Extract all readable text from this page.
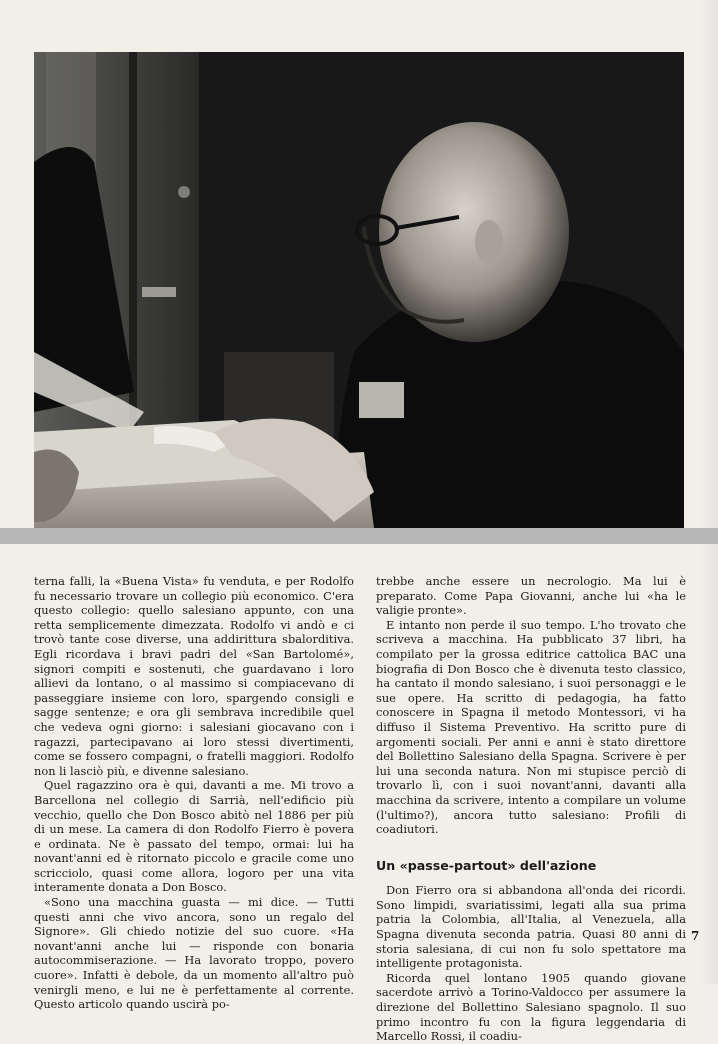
terna falli, la «Buena Vista» fu venduta, e per Rodolfo fu necessario trovare un collegio più economico. C'era questo collegio: quello salesiano appunto, con una retta semplicemente dimezzata. Rodolfo vi andò e ci trovò tante cose diverse, una addirittura sbalorditiva. Egli ricordava i bravi padri del «San Bartolomé», signori compiti e sostenuti, che guardavano i loro allievi da lontano, o al massimo si compiacevano di passeggiare insieme con loro, spargendo consigli e sagge sentenze; e ora gli sembrava incredibile quel che vedeva ogni giorno: i salesiani giocavano con i ragazzi, partecipavano ai loro stessi divertimenti, come se fossero compagni, o fratelli maggiori. Rodolfo non li lasciò più, e divenne salesiano.

Quel ragazzino ora è qui, davanti a me. Mi trovo a Barcellona nel collegio di Sarrià, nell'edificio più vecchio, quello che Don Bosco abitò nel 1886 per più di un mese. La camera di don Rodolfo Fierro è povera e ordinata. Ne è passato del tempo, ormai: lui ha novant'anni ed è ritornato piccolo e gracile come uno scricciolo, quasi come allora, logoro per una vita interamente donata a Don Bosco.

«Sono una macchina guasta — mi dice. — Tutti questi anni che vivo ancora, sono un regalo del Signore». Gli chiedo notizie del suo cuore. «Ha novant'anni anche lui — risponde con bonaria autocommiserazione. — Ha lavorato troppo, povero cuore». Infatti è debole, da un momento all'altro può venirgli meno, e lui ne è perfettamente al corrente. Questo articolo quando uscirà po-

trebbe anche essere un necrologio. Ma lui è preparato. Come Papa Giovanni, anche lui «ha le valigie pronte».

E intanto non perde il suo tempo. L'ho trovato che scriveva a macchina. Ha pubblicato 37 libri, ha compilato per la grossa editrice cattolica BAC una biografia di Don Bosco che è divenuta testo classico, ha cantato il mondo salesiano, i suoi personaggi e le sue opere. Ha scritto di pedagogia, ha fatto conoscere in Spagna il metodo Montessori, vi ha diffuso il Sistema Preventivo. Ha scritto pure di argomenti sociali. Per anni e anni è stato direttore del Bollettino Salesiano della Spagna. Scrivere è per lui una seconda natura. Non mi stupisce perciò di trovarlo lì, con i suoi novant'anni, davanti alla macchina da scrivere, intento a compilare un volume (l'ultimo?), ancora tutto salesiano: Profili di coadiutori.

Un «passe-partout» dell'azione

Don Fierro ora si abbandona all'onda dei ricordi. Sono limpidi, svariatissimi, legati alla sua prima patria la Colombia, all'Italia, al Venezuela, alla Spagna divenuta seconda patria. Quasi 80 anni di storia salesiana, di cui non fu solo spettatore ma intelligente protagonista.

Ricorda quel lontano 1905 quando giovane sacerdote arrivò a Torino-Valdocco per assumere la direzione del Bollettino Salesiano spagnolo. Il suo primo incontro fu con la figura leggendaria di Marcello Rossi, il coadiu-

7
